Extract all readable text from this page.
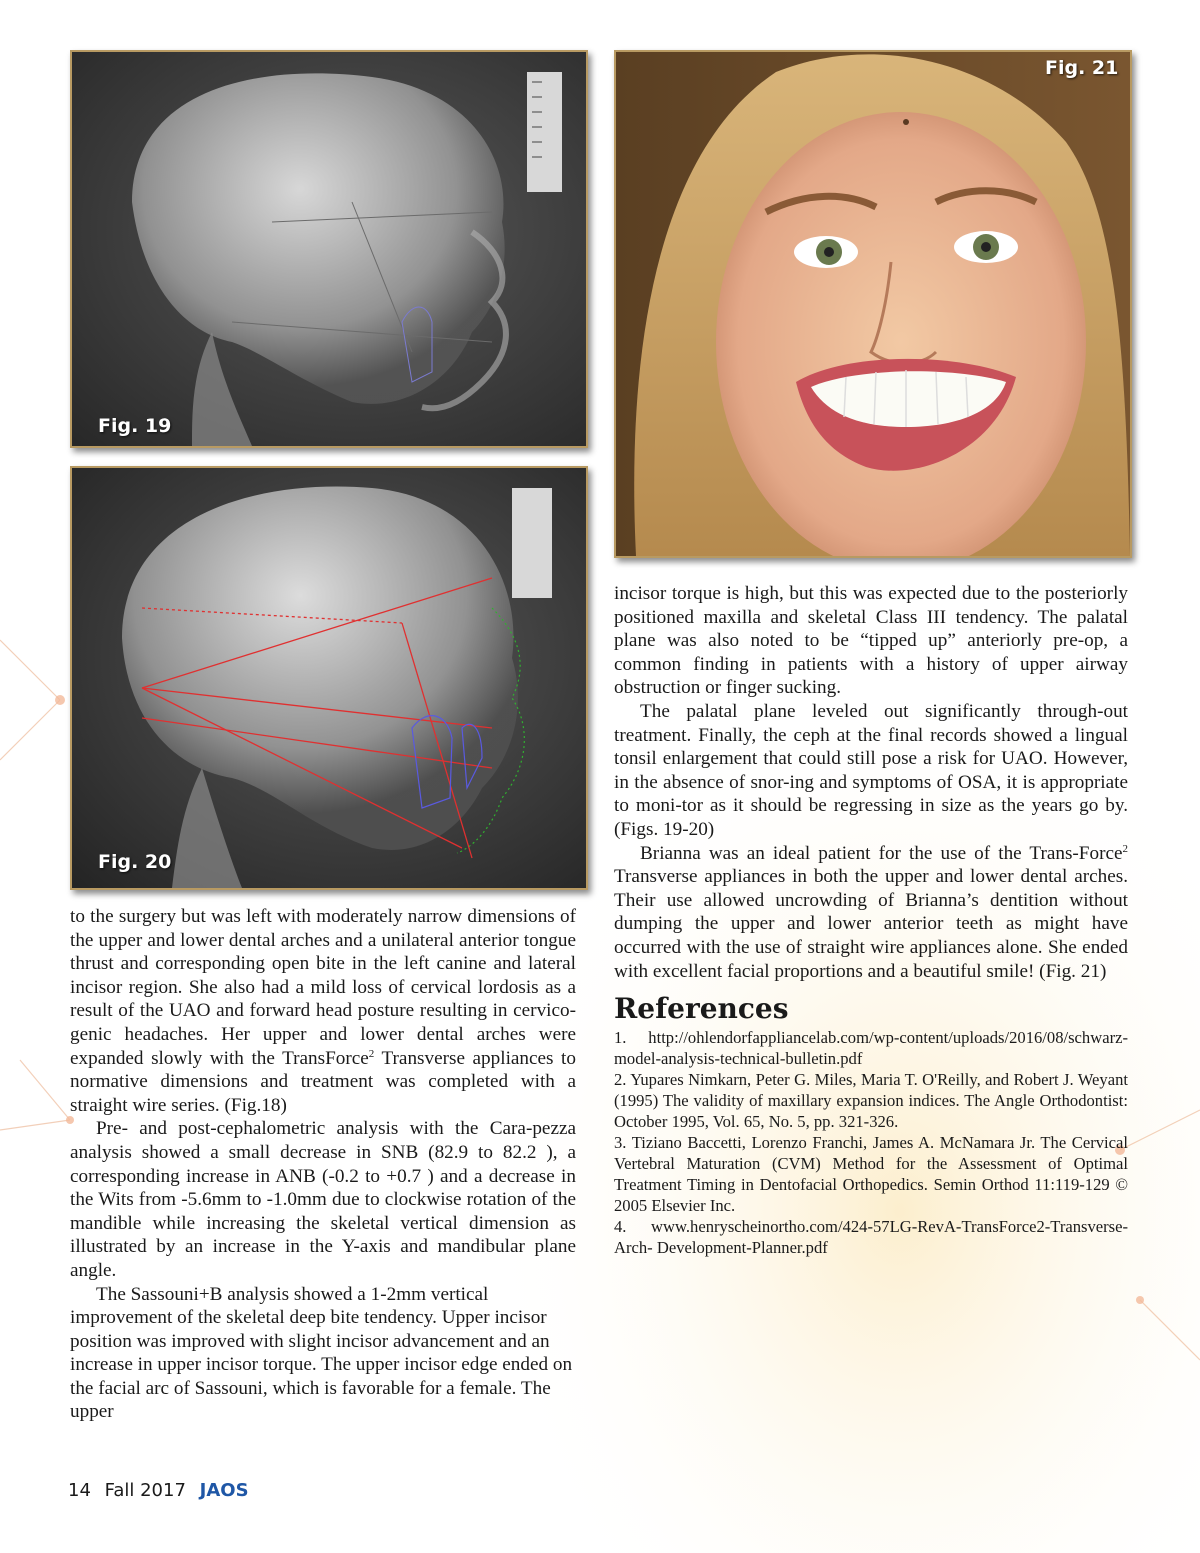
Fig. 19
Fig. 20
Fig. 21

to the surgery but was left with moderately narrow dimensions of the upper and lower dental arches and a unilateral anterior tongue thrust and corresponding open bite in the left canine and lateral incisor region. She also had a mild loss of cervical lordosis as a result of the UAO and forward head posture resulting in cervico-genic headaches. Her upper and lower dental arches were expanded slowly with the TransForce$^2$ Transverse appliances to normative dimensions and treatment was completed with a straight wire series. (Fig.18)

Pre- and post-cephalometric analysis with the Cara-pezza analysis showed a small decrease in SNB (82.9 to 82.2 ), a corresponding increase in ANB (-0.2 to +0.7 ) and a decrease in the Wits from -5.6mm to -1.0mm due to clockwise rotation of the mandible while increasing the skeletal vertical dimension as illustrated by an increase in the Y-axis and mandibular plane angle.

The Sassouni+B analysis showed a 1-2mm vertical improvement of the skeletal deep bite tendency. Upper incisor position was improved with slight incisor advancement and an increase in upper incisor torque. The upper incisor edge ended on the facial arc of Sassouni, which is favorable for a female. The upper

incisor torque is high, but this was expected due to the posteriorly positioned maxilla and skeletal Class III tendency. The palatal plane was also noted to be “tipped up” anteriorly pre-op, a common finding in patients with a history of upper airway obstruction or finger sucking.

The palatal plane leveled out significantly through-out treatment. Finally, the ceph at the final records showed a lingual tonsil enlargement that could still pose a risk for UAO. However, in the absence of snor-ing and symptoms of OSA, it is appropriate to moni-tor as it should be regressing in size as the years go by. (Figs. 19-20)

Brianna was an ideal patient for the use of the Trans-Force$^2$ Transverse appliances in both the upper and lower dental arches. Their use allowed uncrowding of Brianna’s dentition without dumping the upper and lower anterior teeth as might have occurred with the use of straight wire appliances alone. She ended with excellent facial proportions and a beautiful smile! (Fig. 21)

References

1. http://ohlendorfappliancelab.com/wp-content/uploads/2016/08/schwarz-model-analysis-technical-bulletin.pdf

2. Yupares Nimkarn, Peter G. Miles, Maria T. O'Reilly, and Robert J. Weyant (1995) The validity of maxillary expansion indices. The Angle Orthodontist: October 1995, Vol. 65, No. 5, pp. 321-326.

3. Tiziano Baccetti, Lorenzo Franchi, James A. McNamara Jr. The Cervical Vertebral Maturation (CVM) Method for the Assessment of Optimal Treatment Timing in Dentofacial Orthopedics. Semin Orthod 11:119-129 © 2005 Elsevier Inc.

4. www.henryscheinortho.com/424-57LG-RevA-TransForce2-Transverse-Arch- Development-Planner.pdf

14 Fall 2017 JAOS
